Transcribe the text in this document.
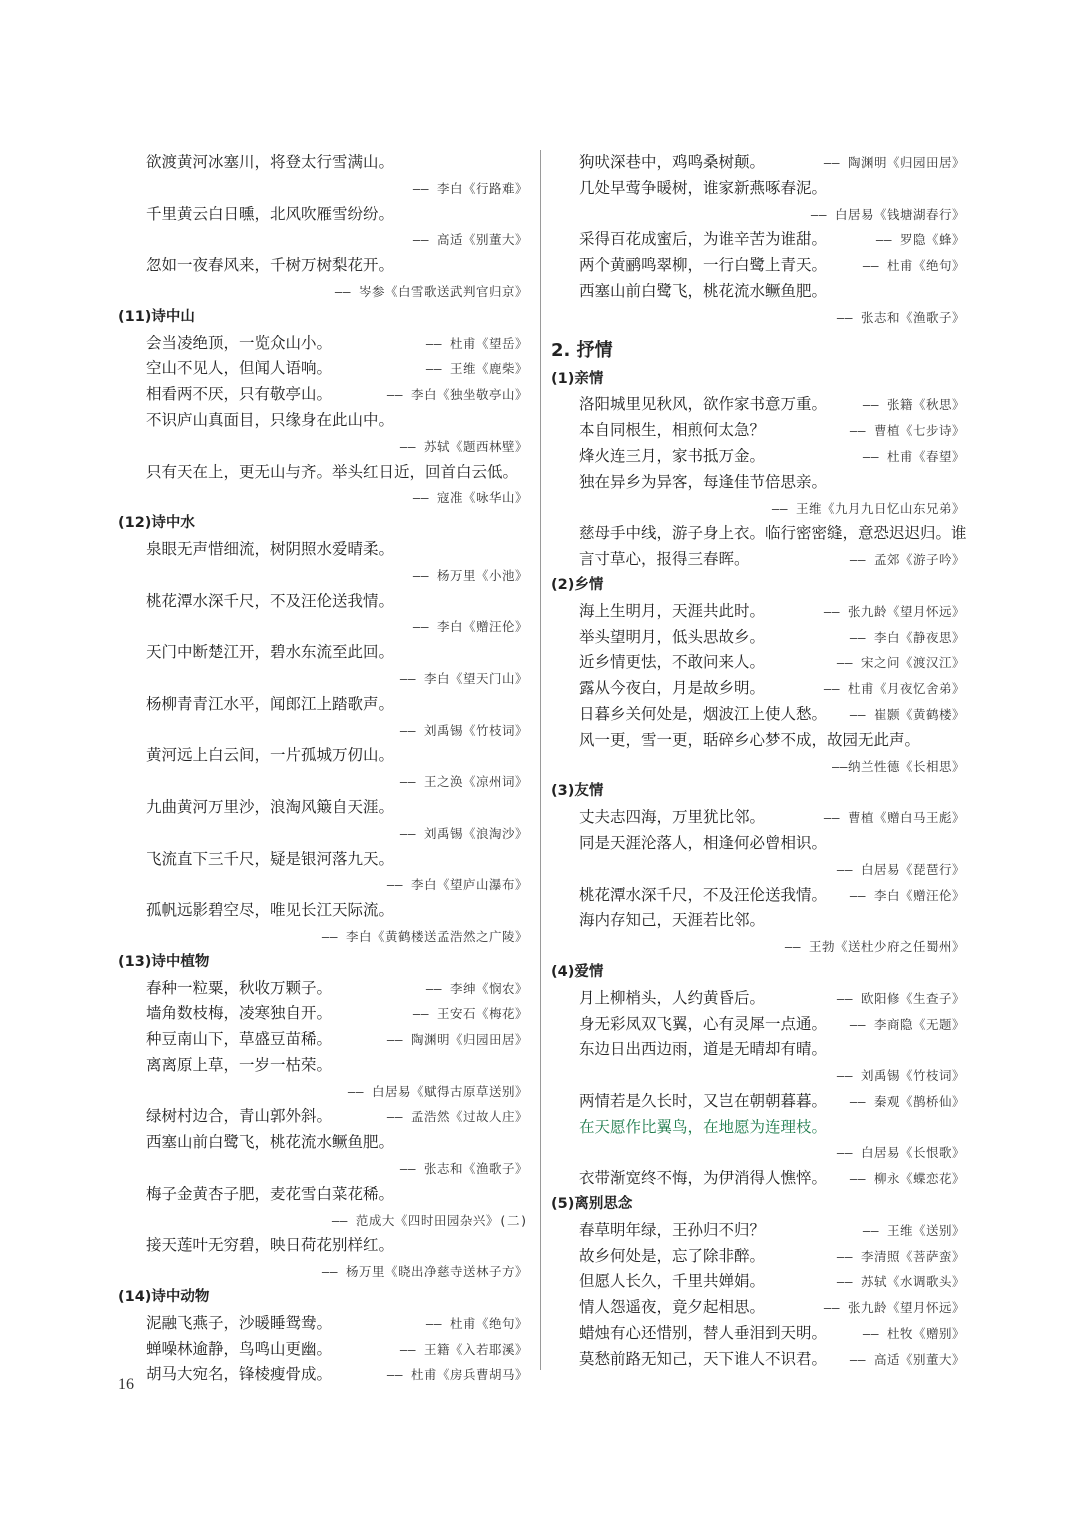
欲渡黄河冰塞川，将登太行雪满山。
—— 李白《行路难》
千里黄云白日曛，北风吹雁雪纷纷。
—— 高适《别董大》
忽如一夜春风来，千树万树梨花开。
—— 岑参《白雪歌送武判官归京》
(11)诗中山
会当凌绝顶，一览众山小。	—— 杜甫《望岳》
空山不见人，但闻人语响。	—— 王维《鹿柴》
相看两不厌，只有敬亭山。	—— 李白《独坐敬亭山》
不识庐山真面目，只缘身在此山中。
—— 苏轼《题西林壁》
只有天在上，更无山与齐。举头红日近，回首白云低。
—— 寇准《咏华山》
(12)诗中水
泉眼无声惜细流，树阴照水爱晴柔。
—— 杨万里《小池》
桃花潭水深千尺，不及汪伦送我情。
—— 李白《赠汪伦》
天门中断楚江开，碧水东流至此回。
—— 李白《望天门山》
杨柳青青江水平，闻郎江上踏歌声。
—— 刘禹锡《竹枝词》
黄河远上白云间，一片孤城万仞山。
—— 王之涣《凉州词》
九曲黄河万里沙，浪淘风簸自天涯。
—— 刘禹锡《浪淘沙》
飞流直下三千尺，疑是银河落九天。
—— 李白《望庐山瀑布》
孤帆远影碧空尽，唯见长江天际流。
—— 李白《黄鹤楼送孟浩然之广陵》
(13)诗中植物
春种一粒粟，秋收万颗子。	—— 李绅《悯农》
墙角数枝梅，凌寒独自开。	—— 王安石《梅花》
种豆南山下，草盛豆苗稀。	—— 陶渊明《归园田居》
离离原上草，一岁一枯荣。
—— 白居易《赋得古原草送别》
绿树村边合，青山郭外斜。	—— 孟浩然《过故人庄》
西塞山前白鹭飞，桃花流水鳜鱼肥。
—— 张志和《渔歌子》
梅子金黄杏子肥，麦花雪白菜花稀。
—— 范成大《四时田园杂兴》(二)
接天莲叶无穷碧，映日荷花别样红。
—— 杨万里《晓出净慈寺送林子方》
(14)诗中动物
泥融飞燕子，沙暖睡鸳鸯。	—— 杜甫《绝句》
蝉噪林逾静，鸟鸣山更幽。	—— 王籍《入若耶溪》
胡马大宛名，锋棱瘦骨成。	—— 杜甫《房兵曹胡马》
狗吠深巷中，鸡鸣桑树颠。	—— 陶渊明《归园田居》
几处早莺争暖树，谁家新燕啄春泥。
—— 白居易《钱塘湖春行》
采得百花成蜜后，为谁辛苦为谁甜。	—— 罗隐《蜂》
两个黄鹂鸣翠柳，一行白鹭上青天。	—— 杜甫《绝句》
西塞山前白鹭飞，桃花流水鳜鱼肥。
—— 张志和《渔歌子》
2. 抒情
(1)亲情
洛阳城里见秋风，欲作家书意万重。	—— 张籍《秋思》
本自同根生，相煎何太急？	—— 曹植《七步诗》
烽火连三月，家书抵万金。	—— 杜甫《春望》
独在异乡为异客，每逢佳节倍思亲。
—— 王维《九月九日忆山东兄弟》
慈母手中线，游子身上衣。临行密密缝，意恐迟迟归。谁
言寸草心，报得三春晖。	—— 孟郊《游子吟》
(2)乡情
海上生明月，天涯共此时。	—— 张九龄《望月怀远》
举头望明月，低头思故乡。	—— 李白《静夜思》
近乡情更怯，不敢问来人。	—— 宋之问《渡汉江》
露从今夜白，月是故乡明。	—— 杜甫《月夜忆舍弟》
日暮乡关何处是，烟波江上使人愁。 —— 崔颢《黄鹤楼》
风一更，雪一更，聒碎乡心梦不成，故园无此声。
——纳兰性德《长相思》
(3)友情
丈夫志四海，万里犹比邻。	—— 曹植《赠白马王彪》
同是天涯沦落人，相逢何必曾相识。
—— 白居易《琵琶行》
桃花潭水深千尺，不及汪伦送我情。 —— 李白《赠汪伦》
海内存知己，天涯若比邻。
—— 王勃《送杜少府之任蜀州》
(4)爱情
月上柳梢头，人约黄昏后。	—— 欧阳修《生查子》
身无彩凤双飞翼，心有灵犀一点通。 —— 李商隐《无题》
东边日出西边雨，道是无晴却有晴。
—— 刘禹锡《竹枝词》
两情若是久长时，又岂在朝朝暮暮。 —— 秦观《鹊桥仙》
在天愿作比翼鸟，在地愿为连理枝。
—— 白居易《长恨歌》
衣带渐宽终不悔，为伊消得人憔悴。 —— 柳永《蝶恋花》
(5)离别思念
春草明年绿，王孙归不归？	—— 王维《送别》
故乡何处是，忘了除非醉。	—— 李清照《菩萨蛮》
但愿人长久，千里共婵娟。	—— 苏轼《水调歌头》
情人怨遥夜，竟夕起相思。	—— 张九龄《望月怀远》
蜡烛有心还惜别，替人垂泪到天明。	—— 杜牧《赠别》
莫愁前路无知己，天下谁人不识君。 —— 高适《别董大》
16
